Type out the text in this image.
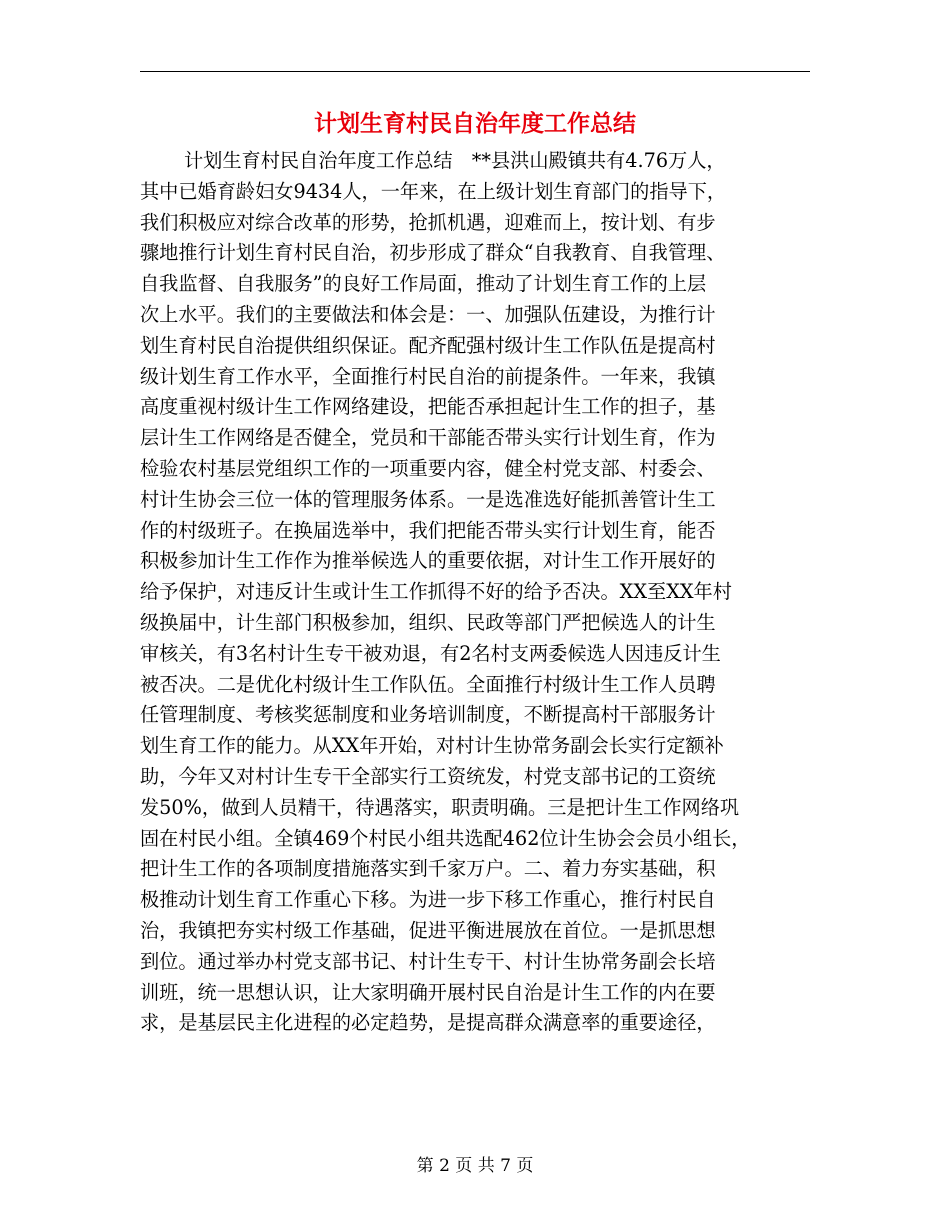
计划生育村民自治年度工作总结
计划生育村民自治年度工作总结　**县洪山殿镇共有4.76万人，
其中已婚育龄妇女9434人，一年来，在上级计划生育部门的指导下，
我们积极应对综合改革的形势，抢抓机遇，迎难而上，按计划、有步
骤地推行计划生育村民自治，初步形成了群众“自我教育、自我管理、
自我监督、自我服务”的良好工作局面，推动了计划生育工作的上层
次上水平。我们的主要做法和体会是：一、加强队伍建设，为推行计
划生育村民自治提供组织保证。配齐配强村级计生工作队伍是提高村
级计划生育工作水平，全面推行村民自治的前提条件。一年来，我镇
高度重视村级计生工作网络建设，把能否承担起计生工作的担子，基
层计生工作网络是否健全，党员和干部能否带头实行计划生育，作为
检验农村基层党组织工作的一项重要内容，健全村党支部、村委会、
村计生协会三位一体的管理服务体系。一是选准选好能抓善管计生工
作的村级班子。在换届选举中，我们把能否带头实行计划生育，能否
积极参加计生工作作为推举候选人的重要依据，对计生工作开展好的
给予保护，对违反计生或计生工作抓得不好的给予否决。XX至XX年村
级换届中，计生部门积极参加，组织、民政等部门严把候选人的计生
审核关，有3名村计生专干被劝退，有2名村支两委候选人因违反计生
被否决。二是优化村级计生工作队伍。全面推行村级计生工作人员聘
任管理制度、考核奖惩制度和业务培训制度，不断提高村干部服务计
划生育工作的能力。从XX年开始，对村计生协常务副会长实行定额补
助，今年又对村计生专干全部实行工资统发，村党支部书记的工资统
发50%，做到人员精干，待遇落实，职责明确。三是把计生工作网络巩
固在村民小组。全镇469个村民小组共选配462位计生协会会员小组长，
把计生工作的各项制度措施落实到千家万户。二、着力夯实基础，积
极推动计划生育工作重心下移。为进一步下移工作重心，推行村民自
治，我镇把夯实村级工作基础，促进平衡进展放在首位。一是抓思想
到位。通过举办村党支部书记、村计生专干、村计生协常务副会长培
训班，统一思想认识，让大家明确开展村民自治是计生工作的内在要
求，是基层民主化进程的必定趋势，是提高群众满意率的重要途径，
第 2 页 共 7 页
